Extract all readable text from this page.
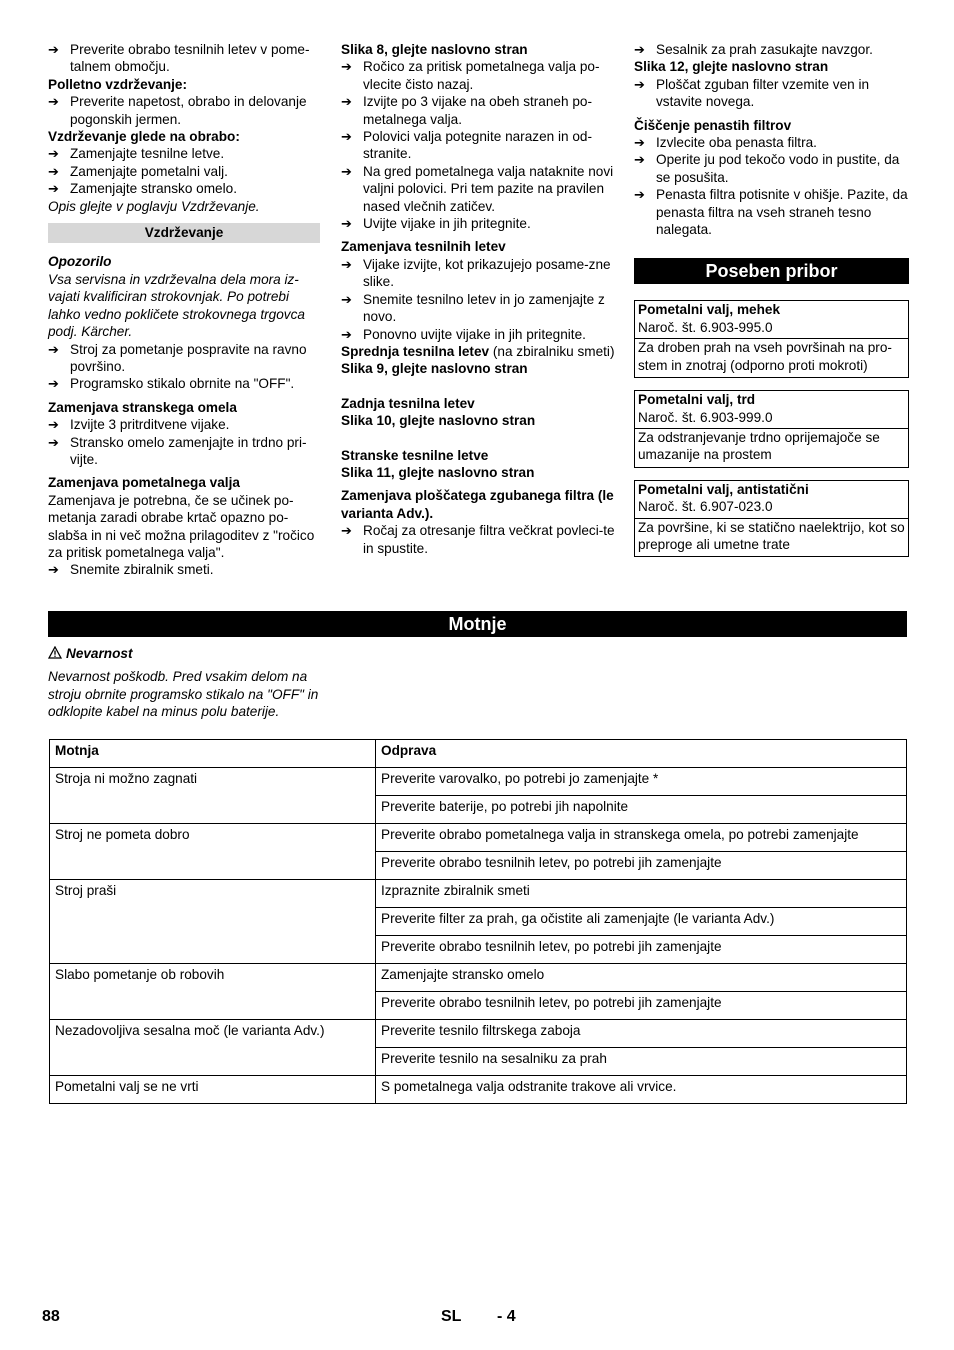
➔ Preverite obrabo tesnilnih letev v pome-talnem območju.
Polletno vzdrževanje:
➔ Preverite napetost, obrabo in delovanje pogonskih jermen.
Vzdrževanje glede na obrabo:
➔ Zamenjajte tesnilne letve.
➔ Zamenjajte pometalni valj.
➔ Zamenjajte stransko omelo.
Opis glejte v poglavju Vzdrževanje.
Vzdrževanje
Opozorilo
Vsa servisna in vzdrževalna dela mora iz-vajati kvalificiran strokovnjak. Po potrebi lahko vedno pokličete strokovnega trgovca podj. Kärcher.
➔ Stroj za pometanje pospravite na ravno površino.
➔ Programsko stikalo obrnite na "OFF".
Zamenjava stranskega omela
➔ Izvijte 3 pritrditvene vijake.
➔ Stransko omelo zamenjajte in trdno pri-vijte.
Zamenjava pometalnega valja
Zamenjava je potrebna, če se učinek po-metanja zaradi obrabe krtač opazno po-slabša in ni več možna prilagoditev z "ročico za pritisk pometalnega valja".
➔ Snemite zbiralnik smeti.
Slika 8, glejte naslovno stran
➔ Ročico za pritisk pometalnega valja po-vlecite čisto nazaj.
➔ Izvijte po 3 vijake na obeh straneh po-metalnega valja.
➔ Polovici valja potegnite narazen in od-stranite.
➔ Na gred pometalnega valja nataknite novi valjni polovici. Pri tem pazite na pravilen nased vlečnih zatičev.
➔ Uvijte vijake in jih pritegnite.
Zamenjava tesnilnih letev
➔ Vijake izvijte, kot prikazujejo posame-zne slike.
➔ Snemite tesnilno letev in jo zamenjajte z novo.
➔ Ponovno uvijte vijake in jih pritegnite.
Sprednja tesnilna letev (na zbiralniku smeti)
Slika 9, glejte naslovno stran
Zadnja tesnilna letev
Slika 10, glejte naslovno stran
Stranske tesnilne letve
Slika 11, glejte naslovno stran
Zamenjava ploščatega zgubanega filtra (le varianta Adv.).
➔ Ročaj za otresanje filtra večkrat povleci-te in spustite.
➔ Sesalnik za prah zasukajte navzgor.
Slika 12, glejte naslovno stran
➔ Ploščat zguban filter vzemite ven in vstavite novega.
Čiščenje penastih filtrov
➔ Izvlecite oba penasta filtra.
➔ Operite ju pod tekočo vodo in pustite, da se posušita.
➔ Penasta filtra potisnite v ohišje. Pazite, da penasta filtra na vseh straneh tesno nalegata.
Poseben pribor
Pometalni valj, mehek
Naroč. št. 6.903-995.0
Za droben prah na vseh površinah na pro-stem in znotraj (odporno proti mokroti)
Pometalni valj, trd
Naroč. št. 6.903-999.0
Za odstranjevanje trdno oprijemajoče se umazanije na prostem
Pometalni valj, antistatični
Naroč. št. 6.907-023.0
Za površine, ki se statično naelektrijo, kot so preproge ali umetne trate
Motnje
Nevarnost
Nevarnost poškodb. Pred vsakim delom na stroju obrnite programsko stikalo na "OFF" in odklopite kabel na minus polu baterije.
Motnja	Odprava
Stroja ni možno zagnati	Preverite varovalko, po potrebi jo zamenjajte *
	Preverite baterije, po potrebi jih napolnite
Stroj ne pometa dobro	Preverite obrabo pometalnega valja in stranskega omela, po potrebi zamenjajte
	Preverite obrabo tesnilnih letev, po potrebi jih zamenjajte
Stroj praši	Izpraznite zbiralnik smeti
	Preverite filter za prah, ga očistite ali zamenjajte (le varianta Adv.)
	Preverite obrabo tesnilnih letev, po potrebi jih zamenjajte
Slabo pometanje ob robovih	Zamenjajte stransko omelo
	Preverite obrabo tesnilnih letev, po potrebi jih zamenjajte
Nezadovoljiva sesalna moč (le varianta Adv.)	Preverite tesnilo filtrskega zaboja
	Preverite tesnilo na sesalniku za prah
Pometalni valj se ne vrti	S pometalnega valja odstranite trakove ali vrvice.
88	SL - 4
